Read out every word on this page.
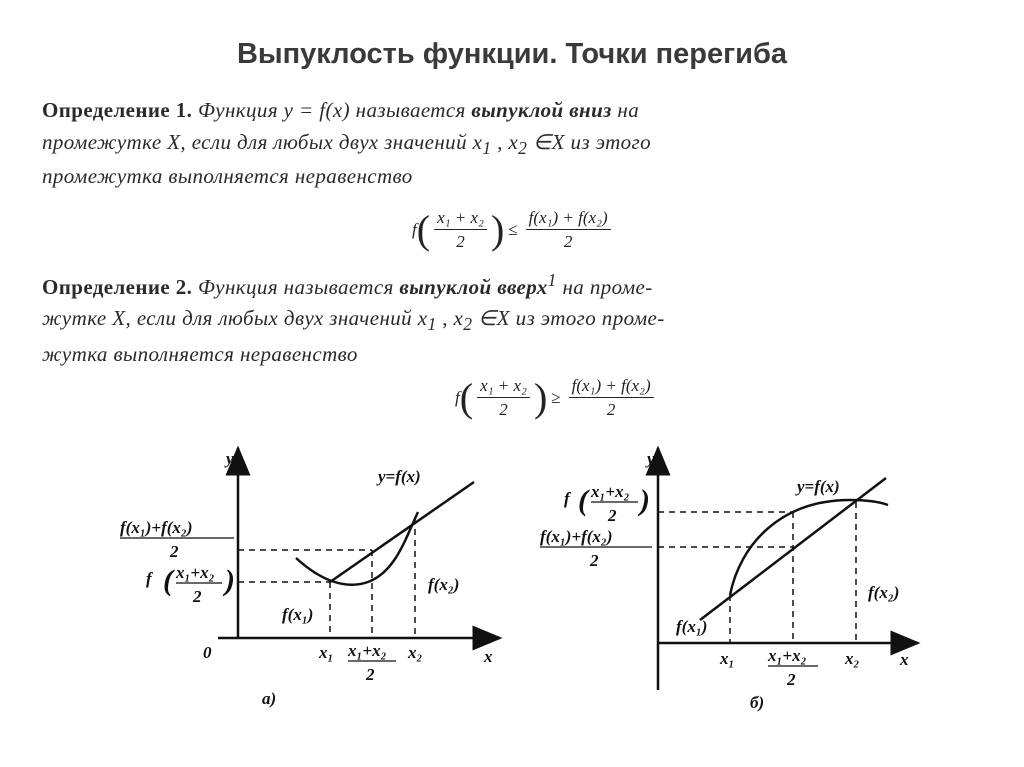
Выпуклость функции. Точки перегиба
Определение 1. Функция y = f(x) называется выпуклой вниз на
промежутке X, если для любых двух значений $x_1$ , $x_2$ ∈X из этого
промежутка выполняется неравенство
f ( $\frac{\text{x₁ + x₂}}{2}$ ) ≤ $\frac{\text{f(x₁) + f(x₂)}}{2}$
Определение 2. Функция называется выпуклой вверх$^1$ на проме-
жутке X, если для любых двух значений $x_1$ , $x_2$ ∈X из этого проме-
жутка выполняется неравенство
f ( $\frac{\text{x₁ + x₂}}{2}$ ) ≥ $\frac{\text{f(x₁) + f(x₂)}}{2}$
y
x
0
y=f(x)
f(x₁)+f(x₂)
2
f ( x₁+x₂
2 )
f(x₁)
f(x₂)
x₁ x₁+x₂
2
x₂
а)
y
x
y=f(x)
f ( x₁+x₂
2 )
f(x₁)+f(x₂)
2
f(x₁)
f(x₂)
x₁ x₁+x₂
2
x₂
б)
